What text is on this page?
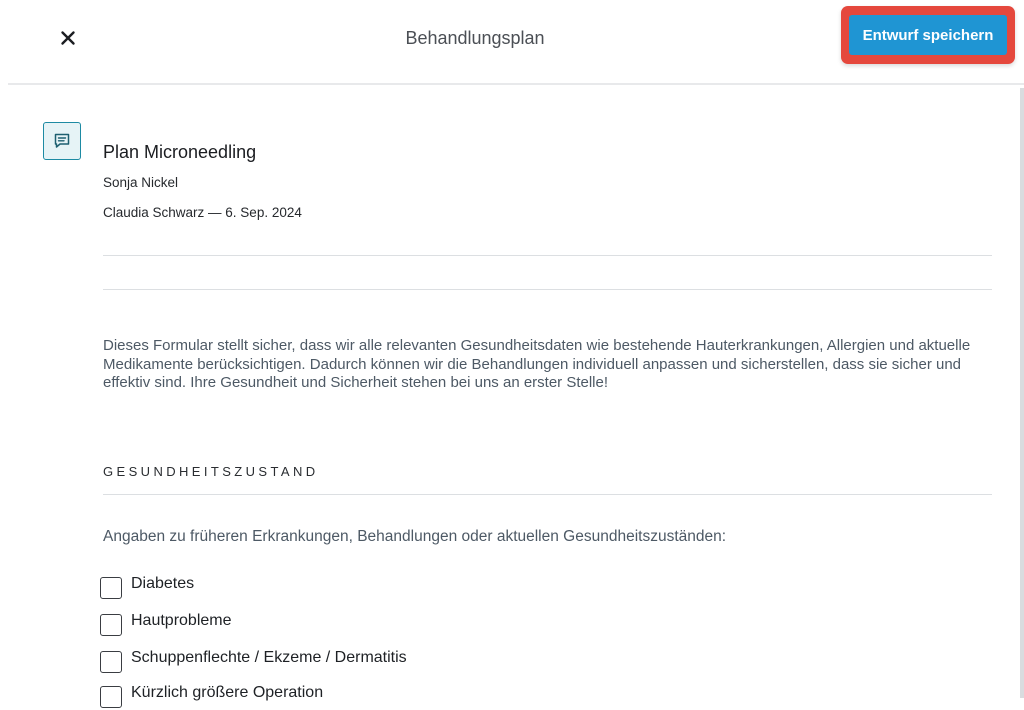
Behandlungsplan	Entwurf speichern
Plan Microneedling
Sonja Nickel
Claudia Schwarz — 6. Sep. 2024
Dieses Formular stellt sicher, dass wir alle relevanten Gesundheitsdaten wie bestehende Hauterkrankungen, Allergien und aktuelle Medikamente berücksichtigen. Dadurch können wir die Behandlungen individuell anpassen und sicherstellen, dass sie sicher und effektiv sind. Ihre Gesundheit und Sicherheit stehen bei uns an erster Stelle!
GESUNDHEITSZUSTAND
Angaben zu früheren Erkrankungen, Behandlungen oder aktuellen Gesundheitszuständen:
Diabetes
Hautprobleme
Schuppenflechte / Ekzeme / Dermatitis
Kürzlich größere Operation
